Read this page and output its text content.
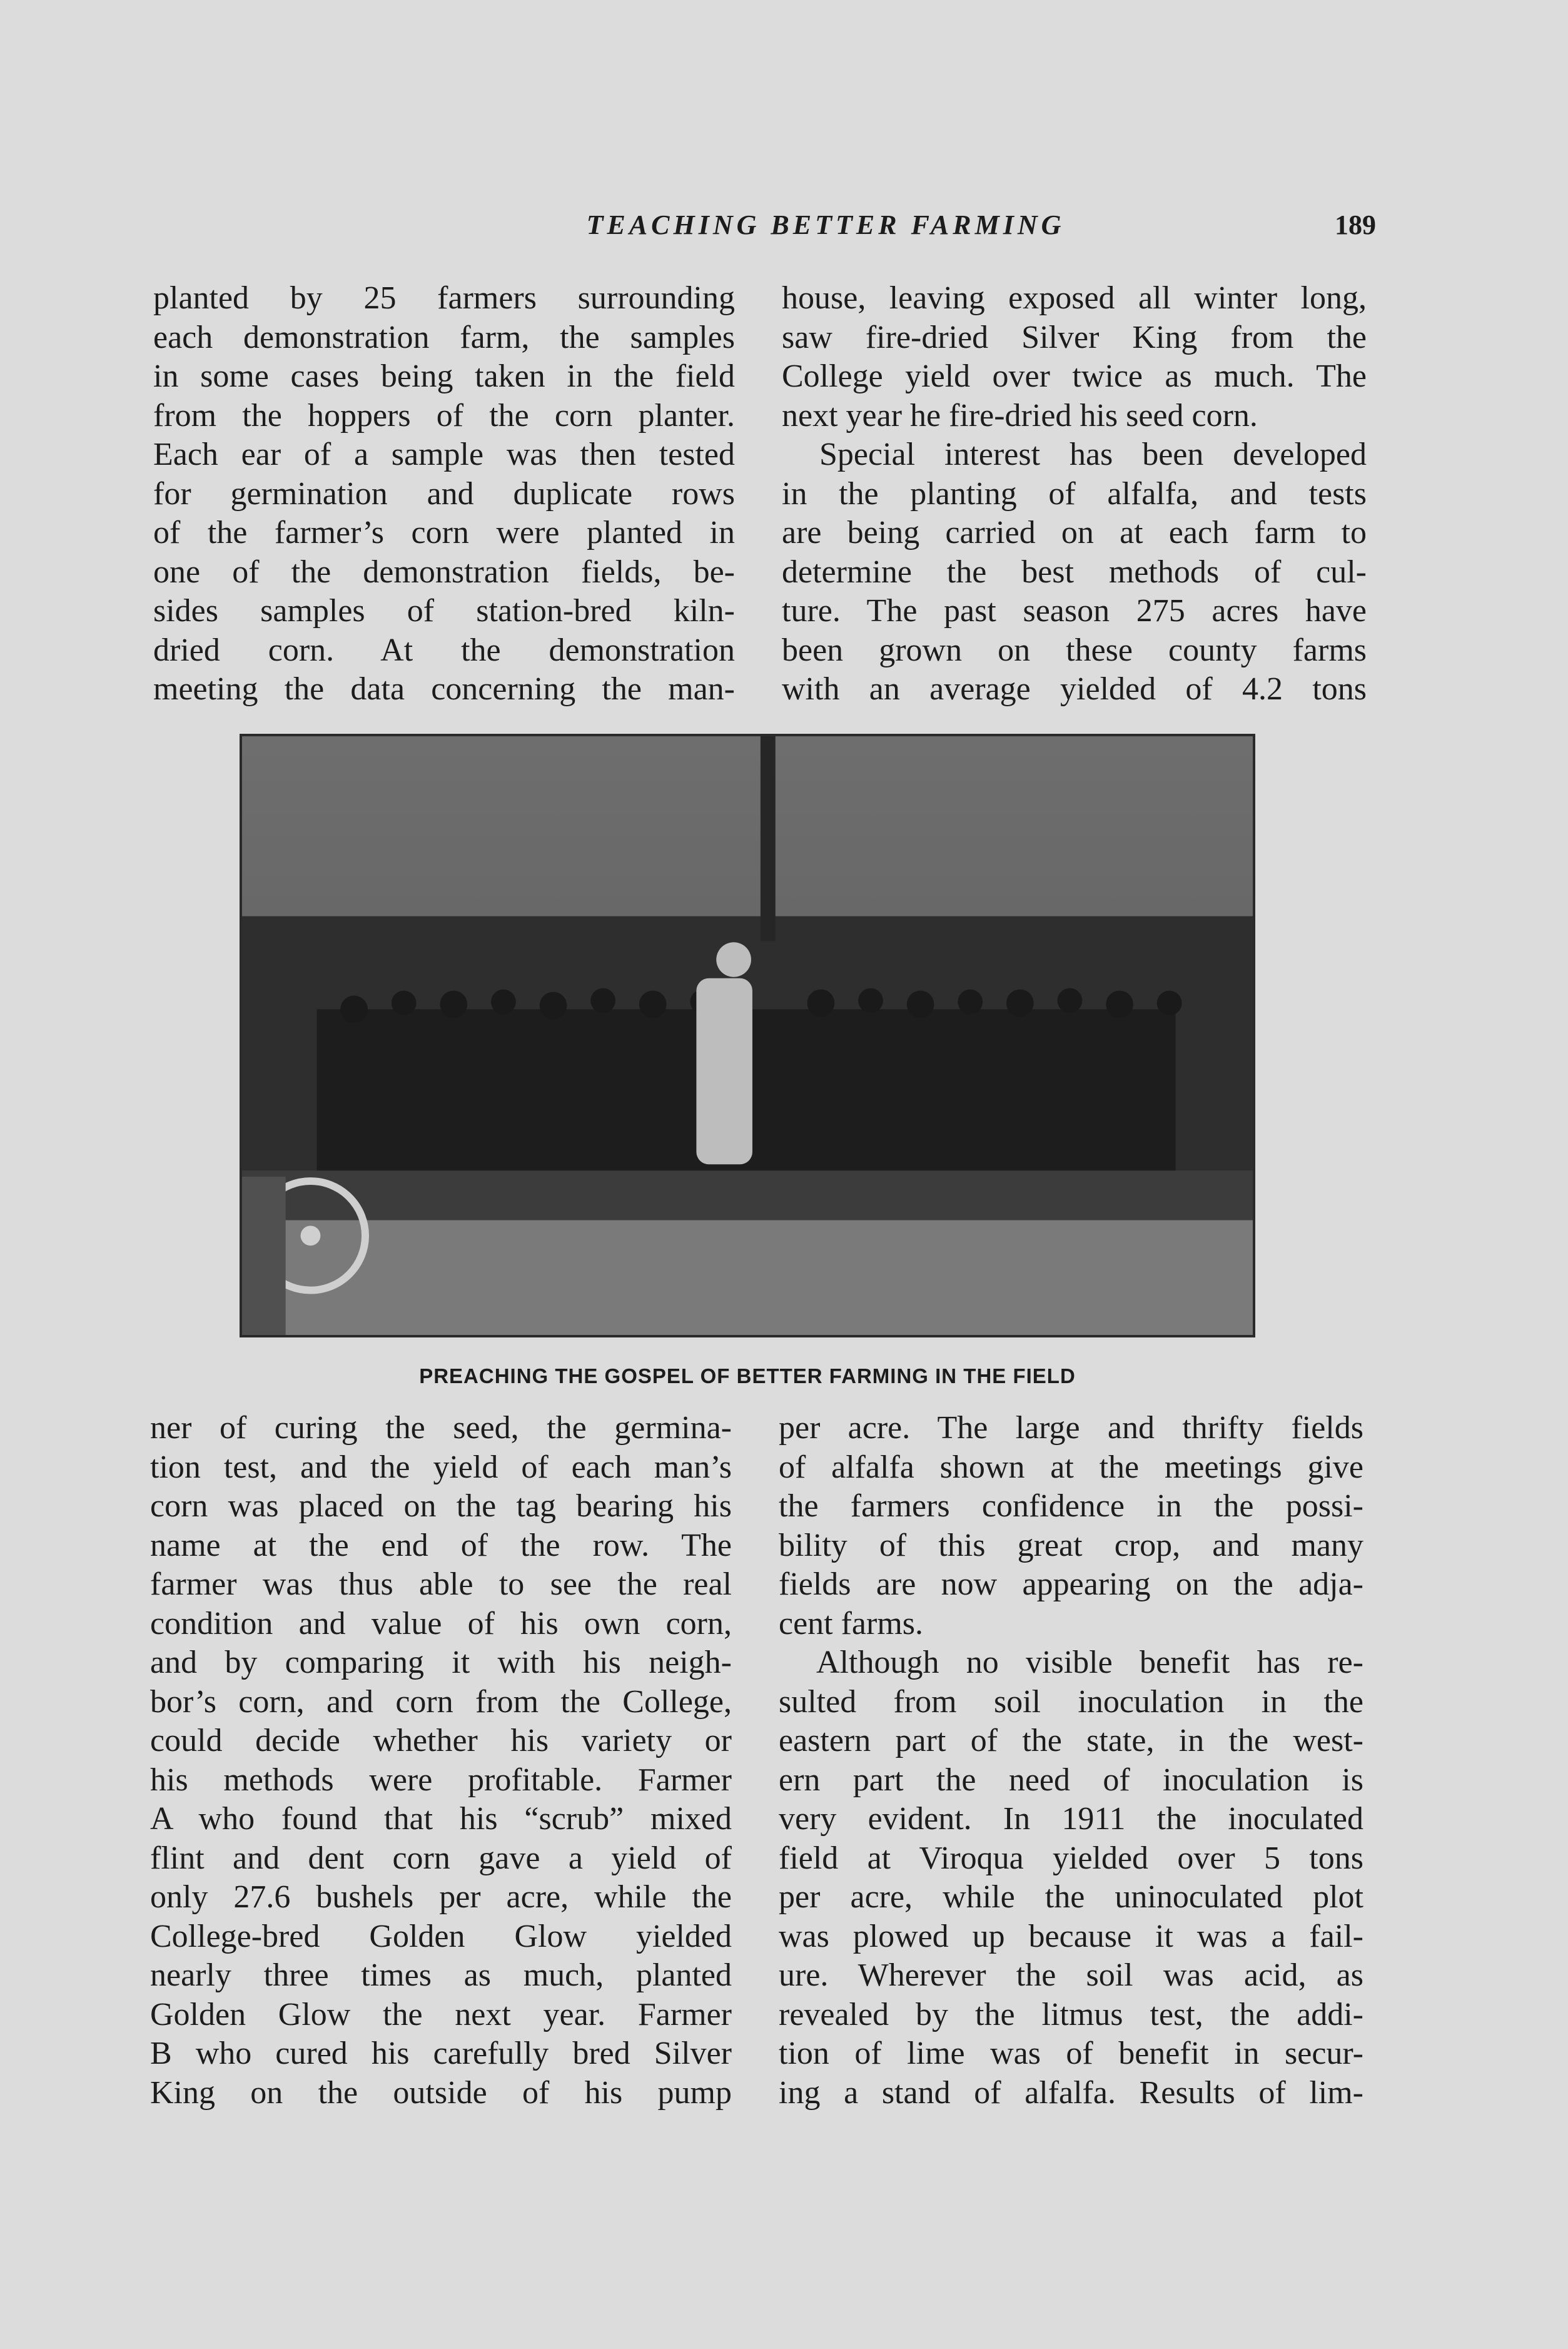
TEACHING BETTER FARMING	189
planted by 25 farmers surrounding
each demonstration farm, the samples
in some cases being taken in the field
from the hoppers of the corn planter.
Each ear of a sample was then tested
for germination and duplicate rows
of the farmer’s corn were planted in
one of the demonstration fields, be-
sides samples of station-bred kiln-
dried corn. At the demonstration
meeting the data concerning the man-
house, leaving exposed all winter long,
saw fire-dried Silver King from the
College yield over twice as much. The
next year he fire-dried his seed corn.
Special interest has been developed
in the planting of alfalfa, and tests
are being carried on at each farm to
determine the best methods of cul-
ture. The past season 275 acres have
been grown on these county farms
with an average yielded of 4.2 tons
PREACHING THE GOSPEL OF BETTER FARMING IN THE FIELD
ner of curing the seed, the germina-
tion test, and the yield of each man’s
corn was placed on the tag bearing his
name at the end of the row. The
farmer was thus able to see the real
condition and value of his own corn,
and by comparing it with his neigh-
bor’s corn, and corn from the College,
could decide whether his variety or
his methods were profitable. Farmer
A who found that his “scrub” mixed
flint and dent corn gave a yield of
only 27.6 bushels per acre, while the
College-bred Golden Glow yielded
nearly three times as much, planted
Golden Glow the next year. Farmer
B who cured his carefully bred Silver
King on the outside of his pump
per acre. The large and thrifty fields
of alfalfa shown at the meetings give
the farmers confidence in the possi-
bility of this great crop, and many
fields are now appearing on the adja-
cent farms.
Although no visible benefit has re-
sulted from soil inoculation in the
eastern part of the state, in the west-
ern part the need of inoculation is
very evident. In 1911 the inoculated
field at Viroqua yielded over 5 tons
per acre, while the uninoculated plot
was plowed up because it was a fail-
ure. Wherever the soil was acid, as
revealed by the litmus test, the addi-
tion of lime was of benefit in secur-
ing a stand of alfalfa. Results of lim-
